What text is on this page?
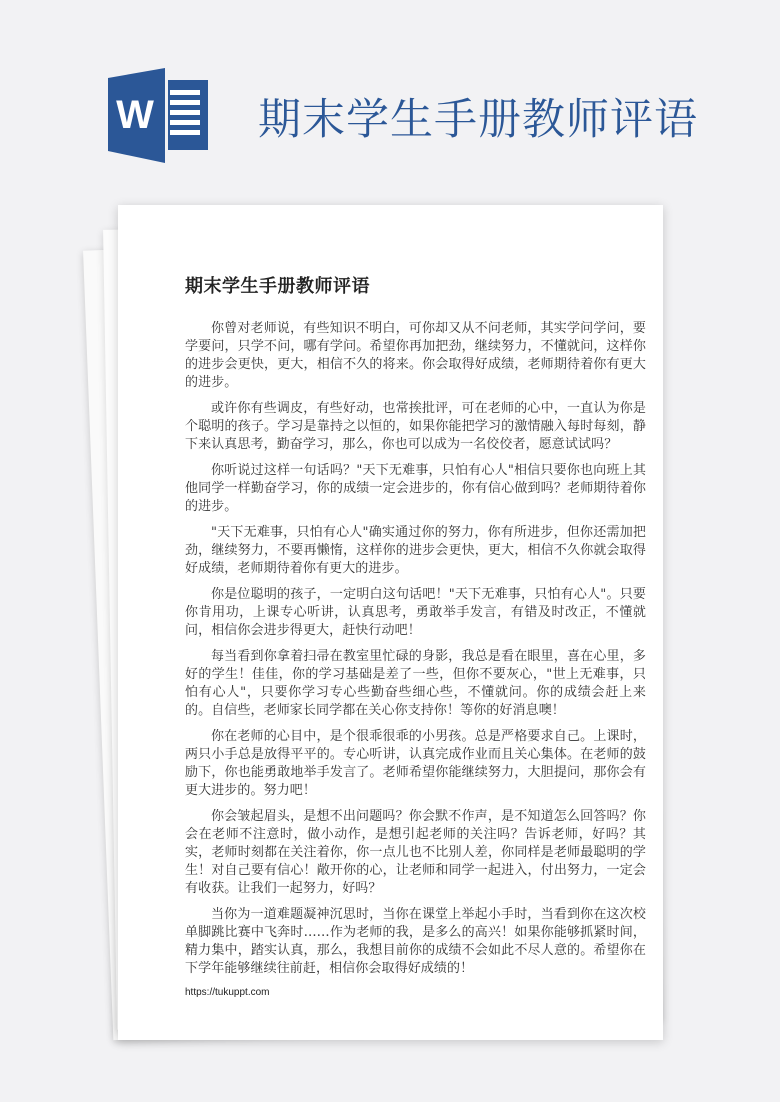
W 期末学生手册教师评语
期末学生手册教师评语

你曾对老师说，有些知识不明白，可你却又从不问老师，其实学问学问，要学要问，只学不问，哪有学问。希望你再加把劲，继续努力，不懂就问，这样你的进步会更快，更大，相信不久的将来。你会取得好成绩，老师期待着你有更大的进步。

或许你有些调皮，有些好动，也常挨批评，可在老师的心中，一直认为你是个聪明的孩子。学习是靠持之以恒的，如果你能把学习的激情融入每时每刻，静下来认真思考，勤奋学习，那么，你也可以成为一名佼佼者，愿意试试吗？

你听说过这样一句话吗？"天下无难事，只怕有心人"相信只要你也向班上其他同学一样勤奋学习，你的成绩一定会进步的，你有信心做到吗？老师期待着你的进步。

"天下无难事，只怕有心人"确实通过你的努力，你有所进步，但你还需加把劲，继续努力，不要再懒惰，这样你的进步会更快，更大，相信不久你就会取得好成绩，老师期待着你有更大的进步。

你是位聪明的孩子，一定明白这句话吧！"天下无难事，只怕有心人"。只要你肯用功，上课专心听讲，认真思考，勇敢举手发言，有错及时改正，不懂就问，相信你会进步得更大，赶快行动吧！

每当看到你拿着扫帚在教室里忙碌的身影，我总是看在眼里，喜在心里，多好的学生！佳佳，你的学习基础是差了一些，但你不要灰心，"世上无难事，只怕有心人"，只要你学习专心些勤奋些细心些，不懂就问。你的成绩会赶上来的。自信些，老师家长同学都在关心你支持你！等你的好消息噢！

你在老师的心目中，是个很乖很乖的小男孩。总是严格要求自己。上课时，两只小手总是放得平平的。专心听讲，认真完成作业而且关心集体。在老师的鼓励下，你也能勇敢地举手发言了。老师希望你能继续努力，大胆提问，那你会有更大进步的。努力吧！

你会皱起眉头，是想不出问题吗？你会默不作声，是不知道怎么回答吗？你会在老师不注意时，做小动作，是想引起老师的关注吗？告诉老师，好吗？其实，老师时刻都在关注着你，你一点儿也不比别人差，你同样是老师最聪明的学生！对自己要有信心！敞开你的心，让老师和同学一起进入，付出努力，一定会有收获。让我们一起努力，好吗？

当你为一道难题凝神沉思时，当你在课堂上举起小手时，当看到你在这次校单脚跳比赛中飞奔时……作为老师的我，是多么的高兴！如果你能够抓紧时间，精力集中，踏实认真，那么，我想目前你的成绩不会如此不尽人意的。希望你在下学年能够继续往前赶，相信你会取得好成绩的！

https://tukuppt.com
